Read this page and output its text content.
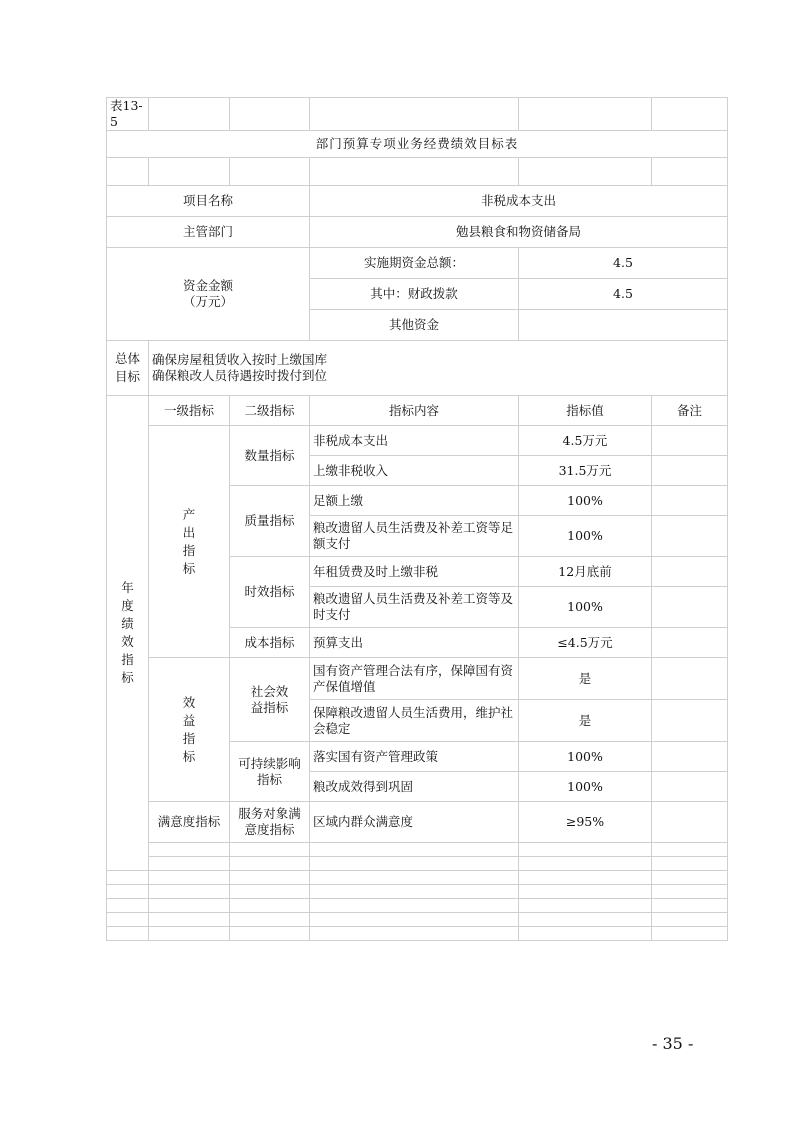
表13-5						
部门预算专项业务经费绩效目标表						

项目名称			非税成本支出			
主管部门			勉县粮食和物资储备局			

资金金额
（万元）			实施期资金总额：	4.5		
			其中：财政拨款	4.5		
			其他资金			
总体目标	确保房屋租赁收入按时上缴国库
确保粮改人员待遇按时拨付到位					

年度绩效指标	一级指标	二级指标	指标内容	指标值	备注	
	产出指标	数量指标	非税成本支出	4.5万元		
			上缴非税收入	31.5万元		
		质量指标	足额上缴	100%		
			粮改遗留人员生活费及补差工资等足额支付	100%		
		时效指标	年租赁费及时上缴非税	12月底前		
			粮改遗留人员生活费及补差工资等及时支付	100%		
		成本指标	预算支出	≤4.5万元		
	效益指标	社会效益指标	国有资产管理合法有序，保障国有资产保值增值	是		
			保障粮改遗留人员生活费用，维护社会稳定	是		

		可持续影响指标	落实国有资产管理政策	100%		
			粮改成效得到巩固	100%		
	满意度指标	服务对象满意度指标	区域内群众满意度	≥95%		

- 35 -
